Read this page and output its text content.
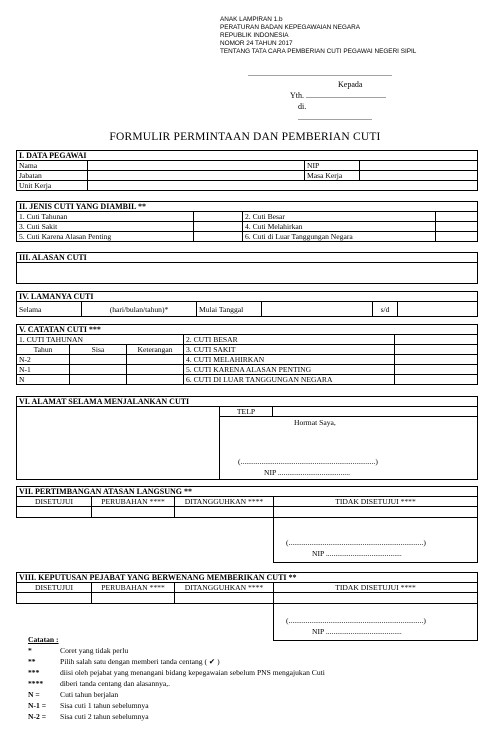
ANAK LAMPIRAN 1.b
PERATURAN BADAN KEPEGAWAIAN NEGARA
REPUBLIK INDONESIA
NOMOR 24 TAHUN 2017
TENTANG TATA CARA PEMBERIAN CUTI PEGAWAI NEGERI SIPIL
........................................................................
Kepada
Yth. ........................................
di.
.....................................
FORMULIR PERMINTAAN DAN PEMBERIAN CUTI
I. DATA PEGAWAI			
Nama		NIP	
Jabatan		Masa Kerja	
Unit Kerja			
II. JENIS CUTI YANG DIAMBIL **			
1. Cuti Tahunan		2. Cuti Besar	
3. Cuti Sakit		4. Cuti Melahirkan	
5. Cuti Karena Alasan Penting		6. Cuti di Luar Tanggungan Negara	
III. ALASAN CUTI

IV. LAMANYA CUTI
Selama		(hari/bulan/tahun)*	Mulai Tanggal		s/d	
V. CATATAN CUTI ***				
1. CUTI TAHUNAN			2. CUTI BESAR	
Tahun	Sisa	Keterangan	3. CUTI SAKIT	
N-2			4. CUTI MELAHIRKAN	
N-1			5. CUTI KARENA ALASAN PENTING	
N			6. CUTI DI LUAR TANGGUNGAN NEGARA	
VI. ALAMAT SELAMA MENJALANKAN CUTI		
	TELP	

	Hormat Saya,
(.......................................................................)
NIP ......................................	
VII. PERTIMBANGAN ATASAN LANGSUNG **			
DISETUJUI	PERUBAHAN ****	DITANGGUHKAN ****	TIDAK DISETUJUI ****

			(.......................................................................)
NIP ........................................
VIII. KEPUTUSAN PEJABAT YANG BERWENANG MEMBERIKAN CUTI **			
DISETUJUI	PERUBAHAN ****	DITANGGUHKAN ****	TIDAK DISETUJUI ****

			(.......................................................................)
NIP ........................................
Catatan :
*	Coret yang tidak perlu
**	Pilih salah satu dengan memberi tanda centang ( ✔ )
***	diisi oleh pejabat yang menangani bidang kepegawaian sebelum PNS mengajukan Cuti
****	diberi tanda centang dan alasannya,.
N =	Cuti tahun berjalan
N-1 =	Sisa cuti 1 tahun sebelumnya
N-2 =	Sisa cuti 2 tahun sebelumnya
